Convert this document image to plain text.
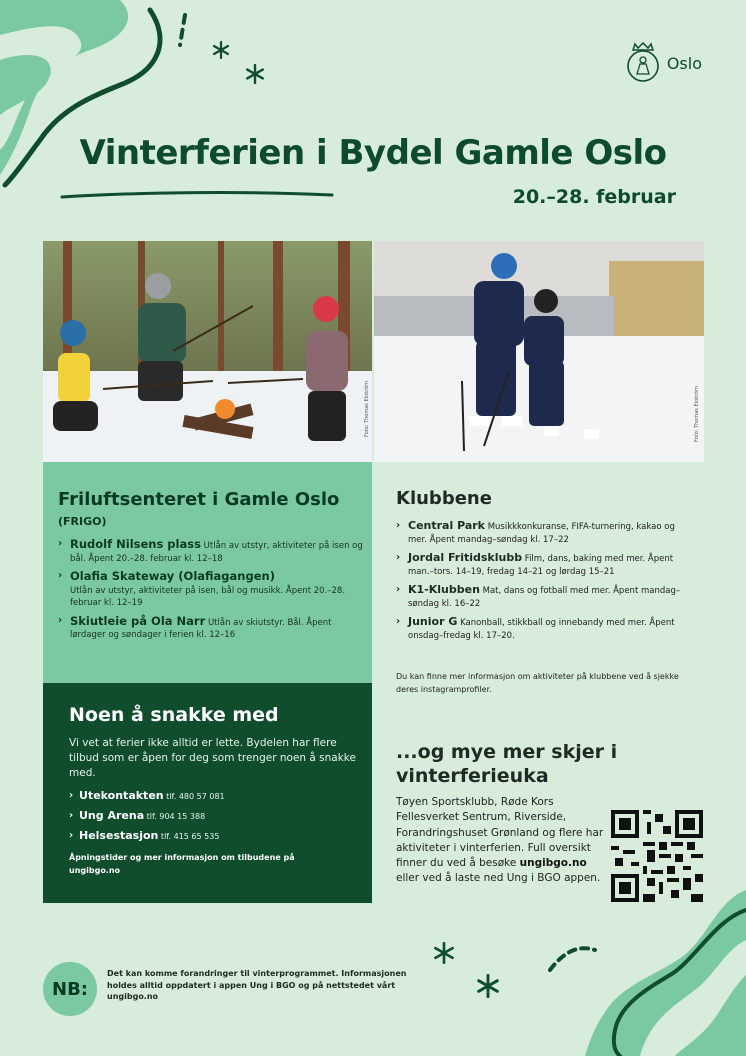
Oslo
Vinterferien i Bydel Gamle Oslo
20.–28. februar
Foto: Thomas Ekström	Foto: Thomas Ekström
Friluftsenteret i Gamle Oslo
(FRIGO)
› Rudolf Nilsens plass Utlån av utstyr, aktiviteter på isen og bål. Åpent 20.–28. februar kl. 12–18
› Olafia Skateway (Olafiagangen)
Utlån av utstyr, aktiviteter på isen, bål og musikk. Åpent 20.–28. februar kl. 12–19
› Skiutleie på Ola Narr Utlån av skiutstyr. Bål. Åpent lørdager og søndager i ferien kl. 12–16
Noen å snakke med
Vi vet at ferier ikke alltid er lette. Bydelen har flere tilbud som er åpen for deg som trenger noen å snakke med.
› Utekontakten tlf. 480 57 081
› Ung Arena tlf. 904 15 388
› Helsestasjon tlf. 415 65 535
Åpningstider og mer informasjon om tilbudene på ungibgo.no
Klubbene
› Central Park Musikkkonkuranse, FIFA-turnering, kakao og mer. Åpent mandag–søndag kl. 17–22
› Jordal Fritidsklubb Film, dans, baking med mer. Åpent man.–tors. 14–19, fredag 14–21 og lørdag 15–21
› K1-Klubben Mat, dans og fotball med mer. Åpent mandag–søndag kl. 16–22
› Junior G Kanonball, stikkball og innebandy med mer. Åpent onsdag–fredag kl. 17–20.
Du kan finne mer informasjon om aktiviteter på klubbene ved å sjekke deres instagramprofiler.
...og mye mer skjer i vinterferieuka
Tøyen Sportsklubb, Røde Kors Fellesverket Sentrum, Riverside, Forandringshuset Grønland og flere har aktiviteter i vinterferien. Full oversikt finner du ved å besøke ungibgo.no eller ved å laste ned Ung i BGO appen.
NB:
Det kan komme forandringer til vinterprogrammet. Informasjonen holdes alltid oppdatert i appen Ung i BGO og på nettstedet vårt ungibgo.no
